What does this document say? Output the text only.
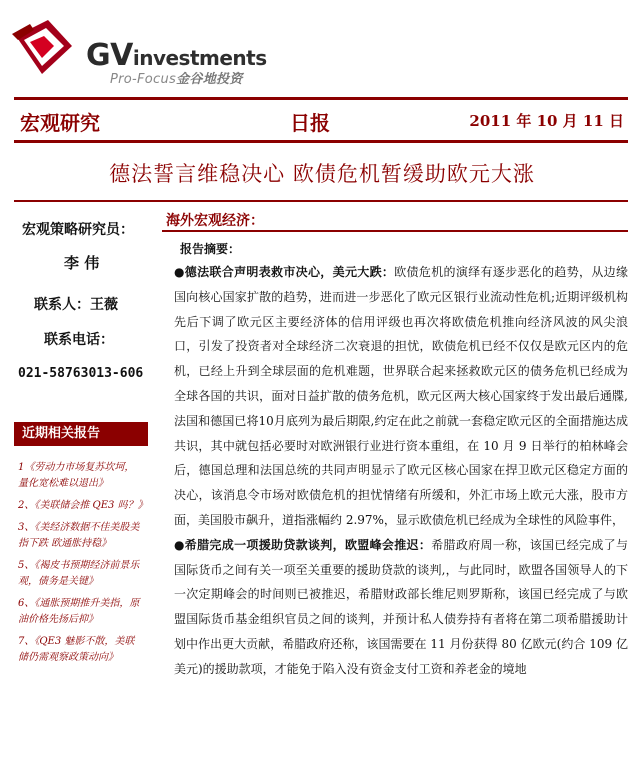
GVinvestments
Pro-Focus金谷地投资
宏观研究	日报	2011 年 10 月 11 日
德法誓言维稳决心 欧债危机暂缓助欧元大涨
宏观策略研究员：
李 伟
联系人：王薇
联系电话：
021-58763013-606
近期相关报告
1《劳动力市场复苏坎坷，量化宽松难以退出》
2、《美联储会推 QE3 吗？》
3、《美经济数据不佳美股美指下跌 欧通胀持稳》
5、《褐皮书预期经济前景乐观，债务是关键》
6、《通胀预期推升美指，原油价格先扬后抑》
7、《QE3 魅影不散，美联储仍需观察政策动向》
海外宏观经济：
报告摘要：

●德法联合声明表救市决心，美元大跌：欧债危机的演绎有逐步恶化的趋势，从边缘国向核心国家扩散的趋势，进而进一步恶化了欧元区银行业流动性危机;近期评级机构先后下调了欧元区主要经济体的信用评级也再次将欧债危机推向经济风波的风尖浪口，引发了投资者对全球经济二次衰退的担忧，欧债危机已经不仅仅是欧元区内的危机，已经上升到全球层面的危机难题，世界联合起来拯救欧元区的债务危机已经成为全球各国的共识，面对日益扩散的债务危机，欧元区两大核心国家终于发出最后通牒,法国和德国已将10月底列为最后期限,约定在此之前就一套稳定欧元区的全面措施达成共识，其中就包括必要时对欧洲银行业进行资本重组，在 10 月 9 日举行的柏林峰会后，德国总理和法国总统的共同声明显示了欧元区核心国家在捍卫欧元区稳定方面的决心，该消息令市场对欧债危机的担忧情绪有所缓和，外汇市场上欧元大涨，股市方面，美国股市飙升，道指涨幅约 2.97%，显示欧债危机已经成为全球性的风险事件，

●希腊完成一项援助贷款谈判，欧盟峰会推迟：希腊政府周一称，该国已经完成了与国际货币之间有关一项至关重要的援助贷款的谈判,，与此同时，欧盟各国领导人的下一次定期峰会的时间则已被推迟，希腊财政部长维尼则罗斯称，该国已经完成了与欧盟国际货币基金组织官员之间的谈判，并预计私人债券持有者将在第二项希腊援助计划中作出更大贡献，希腊政府还称，该国需要在 11 月份获得 80 亿欧元(约合 109 亿美元)的援助款项，才能免于陷入没有资金支付工资和养老金的境地
